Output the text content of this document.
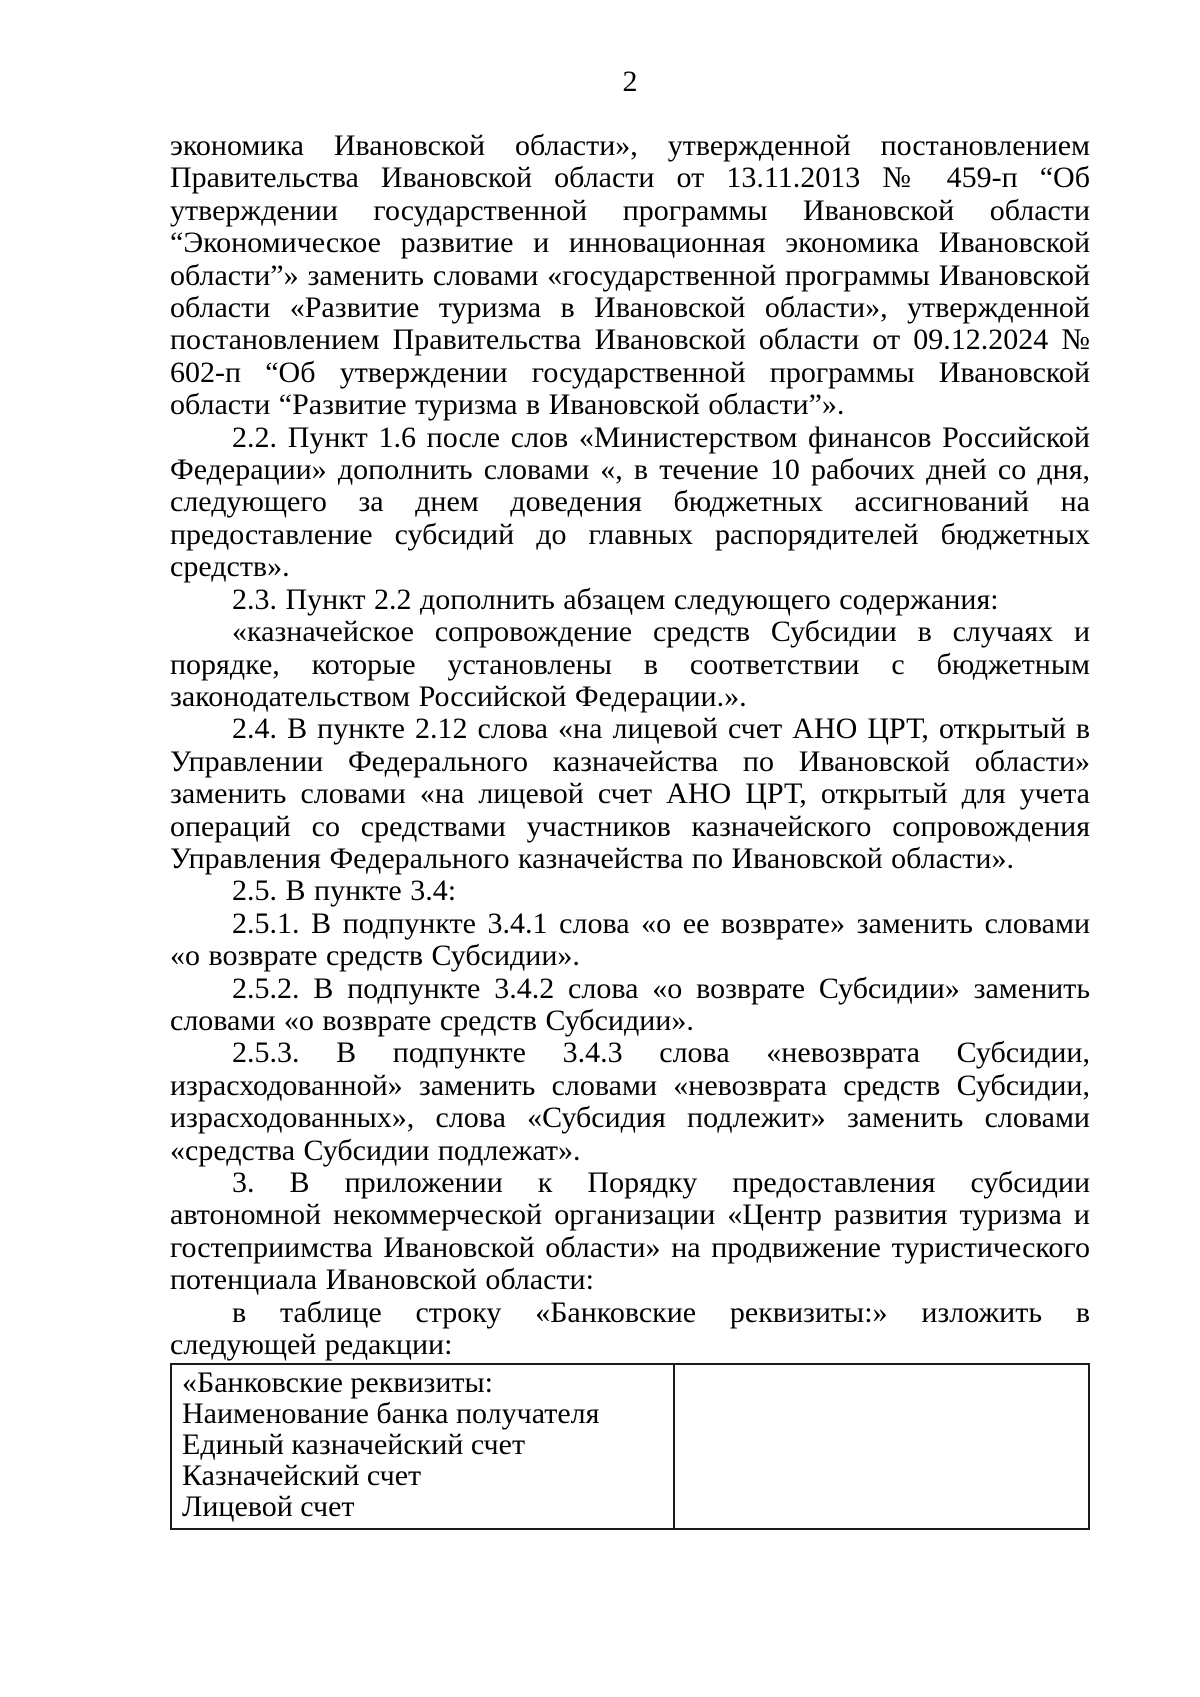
2

экономика Ивановской области», утвержденной постановлением Правительства Ивановской области от 13.11.2013 № 459-п “Об утверждении государственной программы Ивановской области “Экономическое развитие и инновационная экономика Ивановской области”» заменить словами «государственной программы Ивановской области «Развитие туризма в Ивановской области», утвержденной постановлением Правительства Ивановской области от 09.12.2024 № 602-п “Об утверждении государственной программы Ивановской области “Развитие туризма в Ивановской области”».

2.2. Пункт 1.6 после слов «Министерством финансов Российской Федерации» дополнить словами «, в течение 10 рабочих дней со дня, следующего за днем доведения бюджетных ассигнований на предоставление субсидий до главных распорядителей бюджетных средств».

2.3. Пункт 2.2 дополнить абзацем следующего содержания:

«казначейское сопровождение средств Субсидии в случаях и порядке, которые установлены в соответствии с бюджетным законодательством Российской Федерации.».

2.4. В пункте 2.12 слова «на лицевой счет АНО ЦРТ, открытый в Управлении Федерального казначейства по Ивановской области» заменить словами «на лицевой счет АНО ЦРТ, открытый для учета операций со средствами участников казначейского сопровождения Управления Федерального казначейства по Ивановской области».

2.5. В пункте 3.4:

2.5.1. В подпункте 3.4.1 слова «о ее возврате» заменить словами «о возврате средств Субсидии».

2.5.2. В подпункте 3.4.2 слова «о возврате Субсидии» заменить словами «о возврате средств Субсидии».

2.5.3. В подпункте 3.4.3 слова «невозврата Субсидии, израсходованной» заменить словами «невозврата средств Субсидии, израсходованных», слова «Субсидия подлежит» заменить словами «средства Субсидии подлежат».

3. В приложении к Порядку предоставления субсидии автономной некоммерческой организации «Центр развития туризма и гостеприимства Ивановской области» на продвижение туристического потенциала Ивановской области:

в таблице строку «Банковские реквизиты:» изложить в следующей редакции:

«Банковские реквизиты:
Наименование банка получателя
Единый казначейский счет
Казначейский счет
Лицевой счет
